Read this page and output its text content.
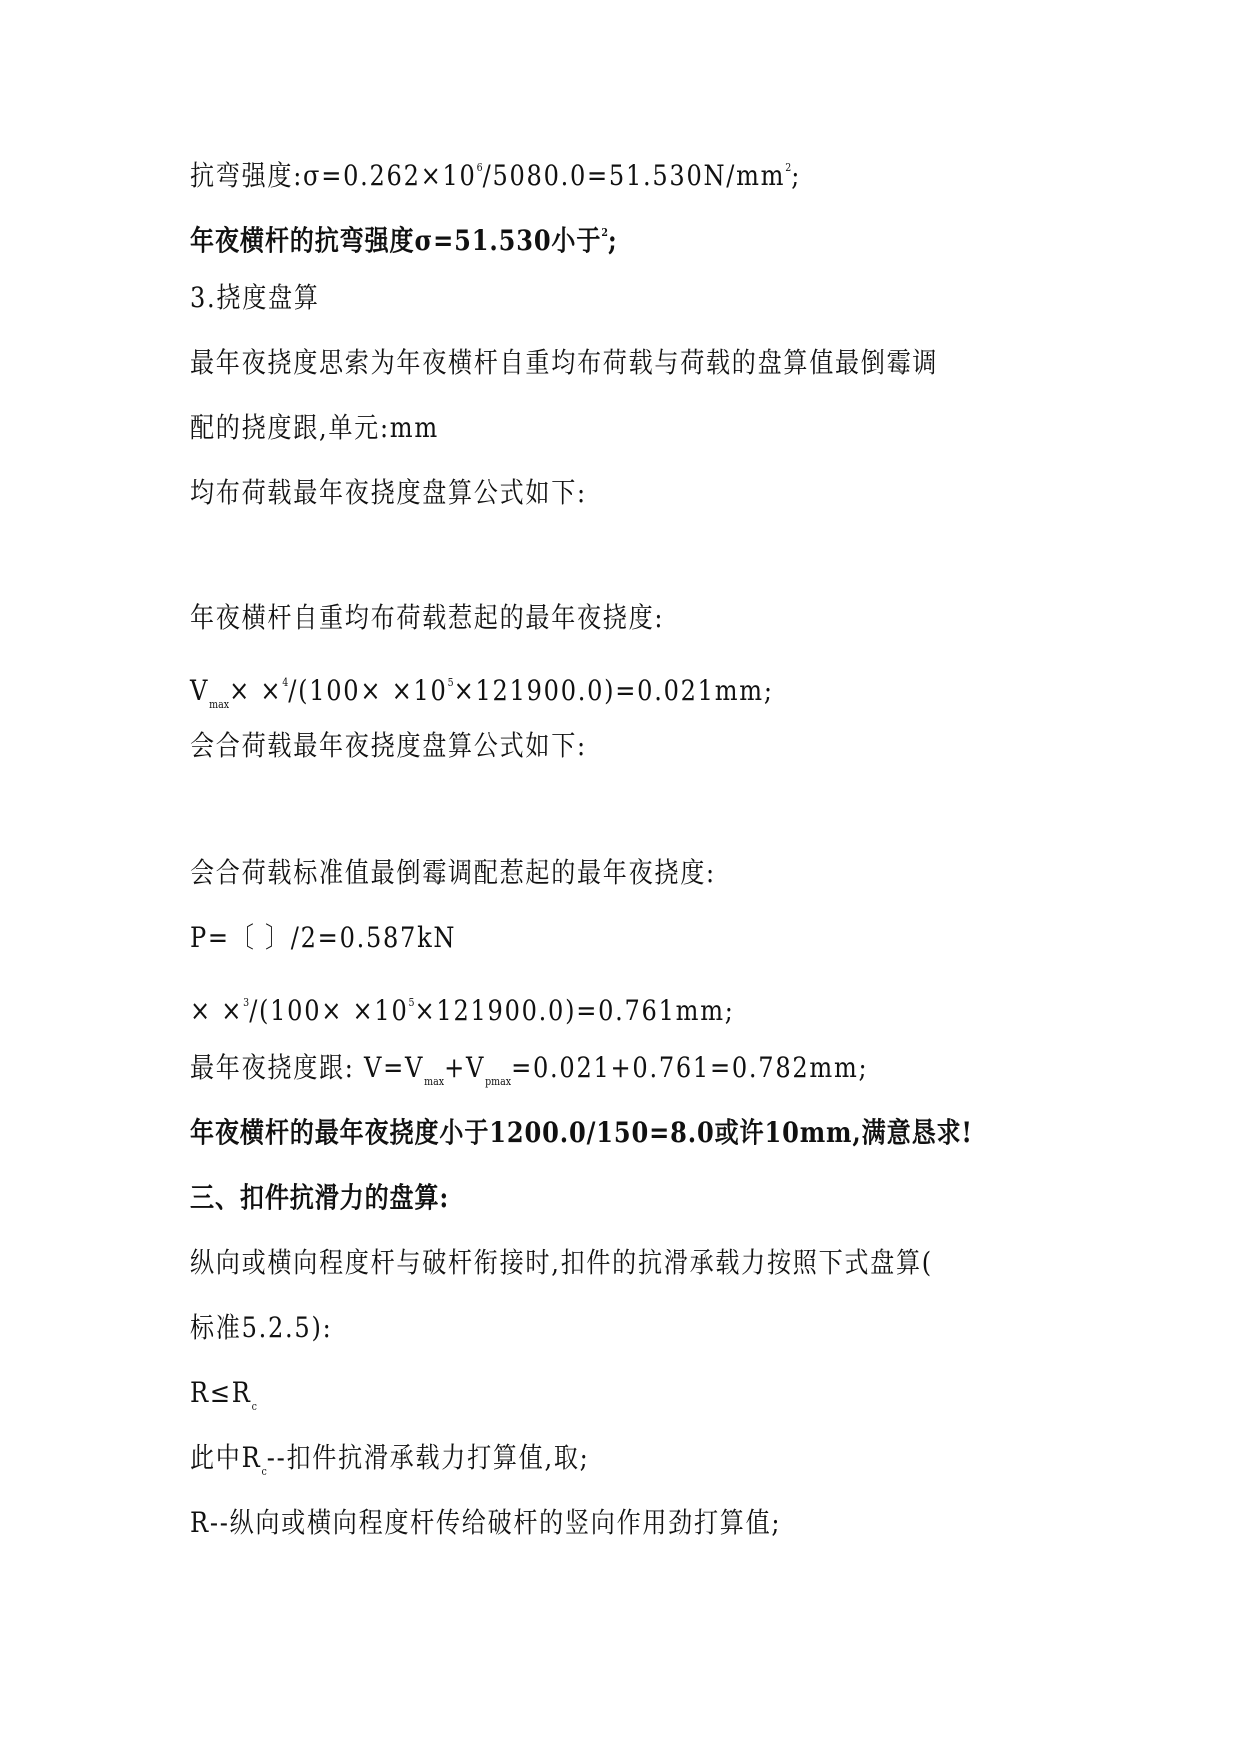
抗弯强度$:\sigma=0.262\times 10^6/5080.0=51.530N/mm^2$;
年夜横杆的抗弯强度σ=51.530小于$^2$;
3.挠度盘算
最年夜挠度思索为年夜横杆自重均布荷载与荷载的盘算值最倒霉调
配的挠度跟,单元:mm
均布荷载最年夜挠度盘算公式如下:
年夜横杆自重均布荷载惹起的最年夜挠度:
$V_{max}\times \times^4/(100\times \times 10^5\times 121900.0)=0.021mm$;
会合荷载最年夜挠度盘算公式如下:
会合荷载标准值最倒霉调配惹起的最年夜挠度:
P=〔 〕/2=0.587kN
× $\times^3/(100\times \times 10^5\times 121900.0)=0.761mm$;
最年夜挠度跟: $V=V_{max}+V_{pmax}=0.021+0.761=0.782mm$;
年夜横杆的最年夜挠度小于1200.0/150=8.0或许10mm,满意恳求!
三、扣件抗滑力的盘算:
纵向或横向程度杆与破杆衔接时,扣件的抗滑承载力按照下式盘算(
标准5.2.5):
$R\le R_c$
此中$R_c--$扣件抗滑承载力打算值,取;
R--纵向或横向程度杆传给破杆的竖向作用劲打算值;
